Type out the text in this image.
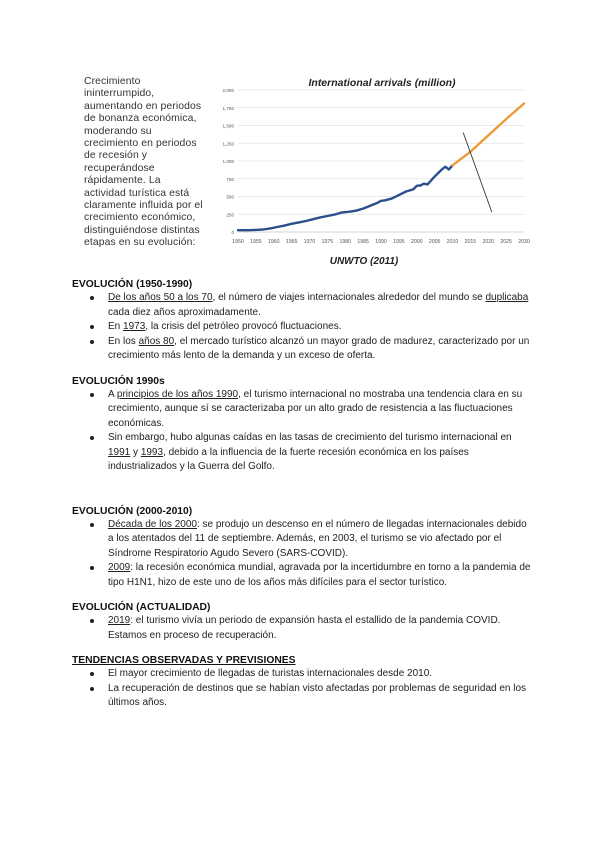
Crecimiento
ininterrumpido,
aumentando en periodos
de bonanza económica,
moderando su
crecimiento en periodos
de recesión y
recuperándose
rápidamente. La
actividad turística está
claramente influida por el
crecimiento económico,
distinguiéndose distintas
etapas en su evolución:
International arrivals (million)
0
250
500
750
1,000
1,250
1,500
1,750
2,000
1950 1955 1960 1965 1970 1975 1980 1985 1990 1995 2000 2005 2010 2015 2020 2025 2030
UNWTO (2011)
EVOLUCIÓN (1950-1990)
De los años 50 a los 70, el número de viajes internacionales alrededor del mundo se duplicaba cada diez años aproximadamente.
En 1973, la crisis del petróleo provocó fluctuaciones.
En los años 80, el mercado turístico alcanzó un mayor grado de madurez, caracterizado por un crecimiento más lento de la demanda y un exceso de oferta.
EVOLUCIÓN 1990s
A principios de los años 1990, el turismo internacional no mostraba una tendencia clara en su crecimiento, aunque sí se caracterizaba por un alto grado de resistencia a las fluctuaciones económicas.
Sin embargo, hubo algunas caídas en las tasas de crecimiento del turismo internacional en 1991 y 1993, debido a la influencia de la fuerte recesión económica en los países industrializados y la Guerra del Golfo.
EVOLUCIÓN (2000-2010)
Década de los 2000: se produjo un descenso en el número de llegadas internacionales debido a los atentados del 11 de septiembre. Además, en 2003, el turismo se vio afectado por el Síndrome Respiratorio Agudo Severo (SARS-COVID).
2009: la recesión económica mundial, agravada por la incertidumbre en torno a la pandemia de tipo H1N1, hizo de este uno de los años más difíciles para el sector turístico.
EVOLUCIÓN (ACTUALIDAD)
2019: el turismo vivía un periodo de expansión hasta el estallido de la pandemia COVID. Estamos en proceso de recuperación.
TENDENCIAS OBSERVADAS Y PREVISIONES
El mayor crecimiento de llegadas de turistas internacionales desde 2010.
La recuperación de destinos que se habían visto afectadas por problemas de seguridad en los últimos años.
